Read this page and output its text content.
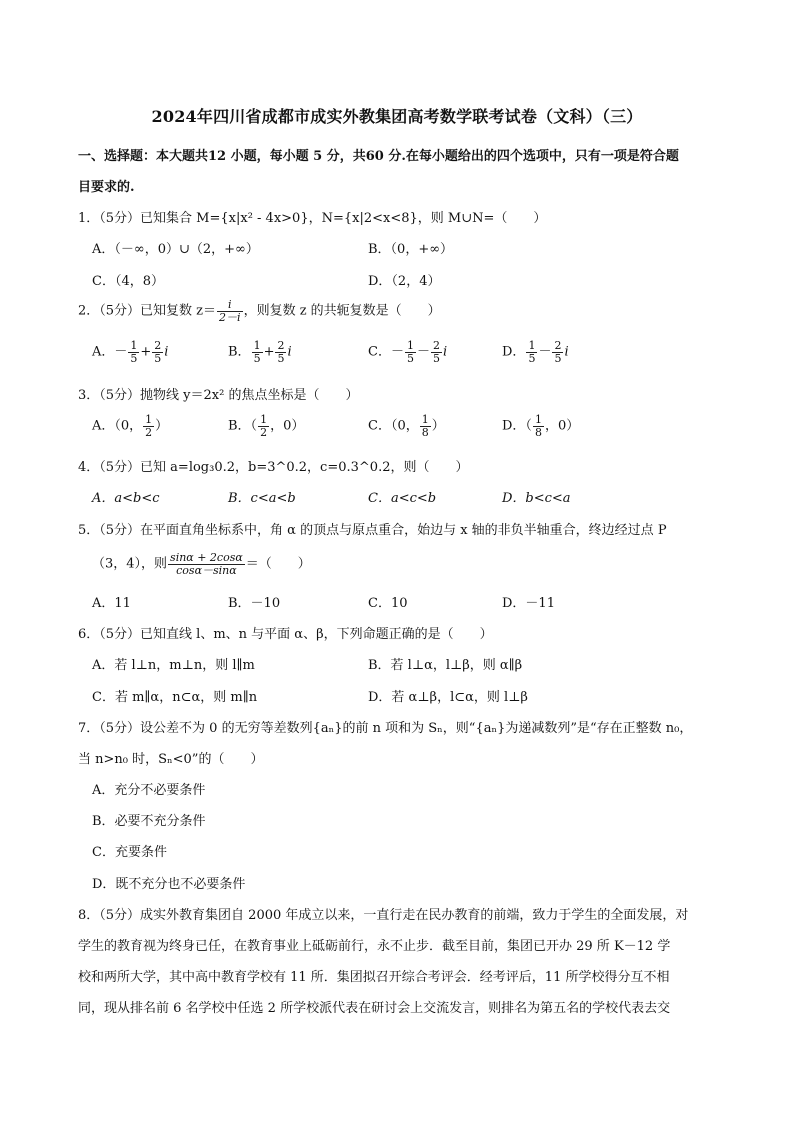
2024年四川省成都市成实外教集团高考数学联考试卷（文科）（三）
一、选择题：本大题共12 小题，每小题 5 分，共60 分.在每小题给出的四个选项中，只有一项是符合题
目要求的.
1．（5分）已知集合 M={x|x² - 4x>0}，N={x|2<x<8}，则 M∪N=（　　）
A．（－∞，0）∪（2，+∞）	B．（0，+∞）
C．（4，8）	D．（2，4）
2．（5分）已知复数 $z= \frac{i}{2-i}$ ，则复数 z 的共轭复数是（　　）
A．－ $\frac{1}{5} + \frac{2}{5}$ i	B． $\frac{1}{5} + \frac{2}{5}$ i	C．－ $\frac{1}{5} - \frac{2}{5}$ i	D． $\frac{1}{5} - \frac{2}{5}$ i
3．（5分）抛物线 y＝2x² 的焦点坐标是（　　）
A．（0， $\frac{1}{2}$ ）	B．（ $\frac{1}{2}$ ，0）	C．（0， $\frac{1}{8}$ ）	D．（ $\frac{1}{8}$ ，0）
4．（5分）已知 a=log₃0.2，b=3^0.2，c=0.3^0.2，则（　　）
A．a<b<c	B．c<a<b	C．a<c<b	D．b<c<a
5．（5分）在平面直角坐标系中，角 α 的顶点与原点重合，始边与 x 轴的非负半轴重合，终边经过点 P
（3，4），则 $\frac{\sin\alpha + 2\cos\alpha}{\cos\alpha-\sin\alpha}$ ＝（　　）
A．11	B．－10	C．10	D．－11
6．（5分）已知直线 l、m、n 与平面 α、β，下列命题正确的是（　　）
A．若 l⊥n，m⊥n，则 l∥m	B．若 l⊥α，l⊥β，则 α∥β
C．若 m∥α，n⊂α，则 m∥n	D．若 α⊥β，l⊂α，则 l⊥β
7．（5分）设公差不为 0 的无穷等差数列{aₙ}的前 n 项和为 Sₙ，则“{aₙ}为递减数列”是“存在正整数 n₀，
当 n>n₀ 时，Sₙ<0”的（　　）
A．充分不必要条件
B．必要不充分条件
C．充要条件
D．既不充分也不必要条件
8．（5分）成实外教育集团自 2000 年成立以来，一直行走在民办教育的前端，致力于学生的全面发展，对
学生的教育视为终身已任，在教育事业上砥砺前行，永不止步．截至目前，集团已开办 29 所 K－12 学
校和两所大学，其中高中教育学校有 11 所．集团拟召开综合考评会．经考评后，11 所学校得分互不相
同，现从排名前 6 名学校中任选 2 所学校派代表在研讨会上交流发言，则排名为第五名的学校代表去交
